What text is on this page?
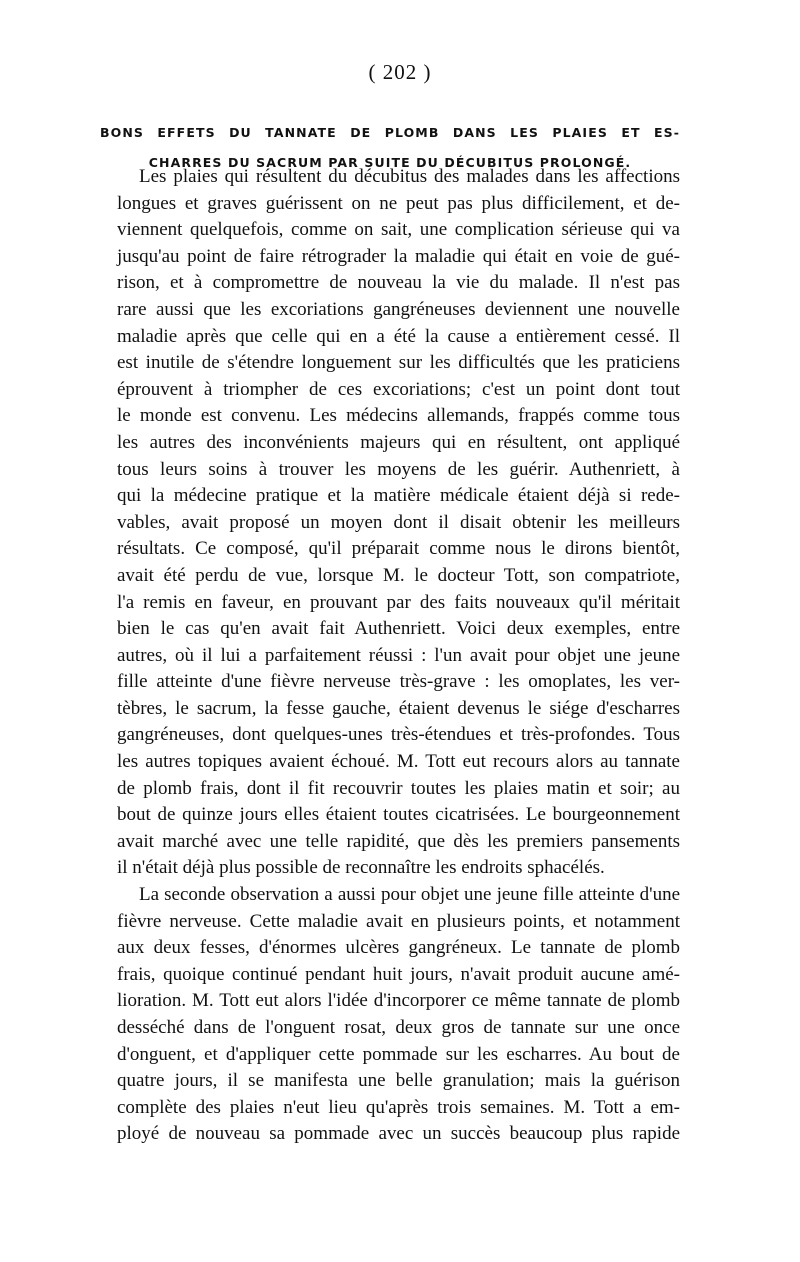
( 202 )
BONS EFFETS DU TANNATE DE PLOMB DANS LES PLAIES ET ES-
CHARRES DU SACRUM PAR SUITE DU DÉCUBITUS PROLONGÉ.
Les plaies qui résultent du décubitus des malades dans les affections
longues et graves guérissent on ne peut pas plus difficilement, et de-
viennent quelquefois, comme on sait, une complication sérieuse qui va
jusqu'au point de faire rétrograder la maladie qui était en voie de gué-
rison, et à compromettre de nouveau la vie du malade. Il n'est pas
rare aussi que les excoriations gangréneuses deviennent une nouvelle
maladie après que celle qui en a été la cause a entièrement cessé. Il
est inutile de s'étendre longuement sur les difficultés que les praticiens
éprouvent à triompher de ces excoriations; c'est un point dont tout
le monde est convenu. Les médecins allemands, frappés comme tous
les autres des inconvénients majeurs qui en résultent, ont appliqué
tous leurs soins à trouver les moyens de les guérir. Authenriett, à
qui la médecine pratique et la matière médicale étaient déjà si rede-
vables, avait proposé un moyen dont il disait obtenir les meilleurs
résultats. Ce composé, qu'il préparait comme nous le dirons bientôt,
avait été perdu de vue, lorsque M. le docteur Tott, son compatriote,
l'a remis en faveur, en prouvant par des faits nouveaux qu'il méritait
bien le cas qu'en avait fait Authenriett. Voici deux exemples, entre
autres, où il lui a parfaitement réussi : l'un avait pour objet une jeune
fille atteinte d'une fièvre nerveuse très-grave : les omoplates, les ver-
tèbres, le sacrum, la fesse gauche, étaient devenus le siége d'escharres
gangréneuses, dont quelques-unes très-étendues et très-profondes. Tous
les autres topiques avaient échoué. M. Tott eut recours alors au tannate
de plomb frais, dont il fit recouvrir toutes les plaies matin et soir; au
bout de quinze jours elles étaient toutes cicatrisées. Le bourgeonnement
avait marché avec une telle rapidité, que dès les premiers pansements
il n'était déjà plus possible de reconnaître les endroits sphacélés.
La seconde observation a aussi pour objet une jeune fille atteinte d'une
fièvre nerveuse. Cette maladie avait en plusieurs points, et notamment
aux deux fesses, d'énormes ulcères gangréneux. Le tannate de plomb
frais, quoique continué pendant huit jours, n'avait produit aucune amé-
lioration. M. Tott eut alors l'idée d'incorporer ce même tannate de plomb
desséché dans de l'onguent rosat, deux gros de tannate sur une once
d'onguent, et d'appliquer cette pommade sur les escharres. Au bout de
quatre jours, il se manifesta une belle granulation; mais la guérison
complète des plaies n'eut lieu qu'après trois semaines. M. Tott a em-
ployé de nouveau sa pommade avec un succès beaucoup plus rapide
